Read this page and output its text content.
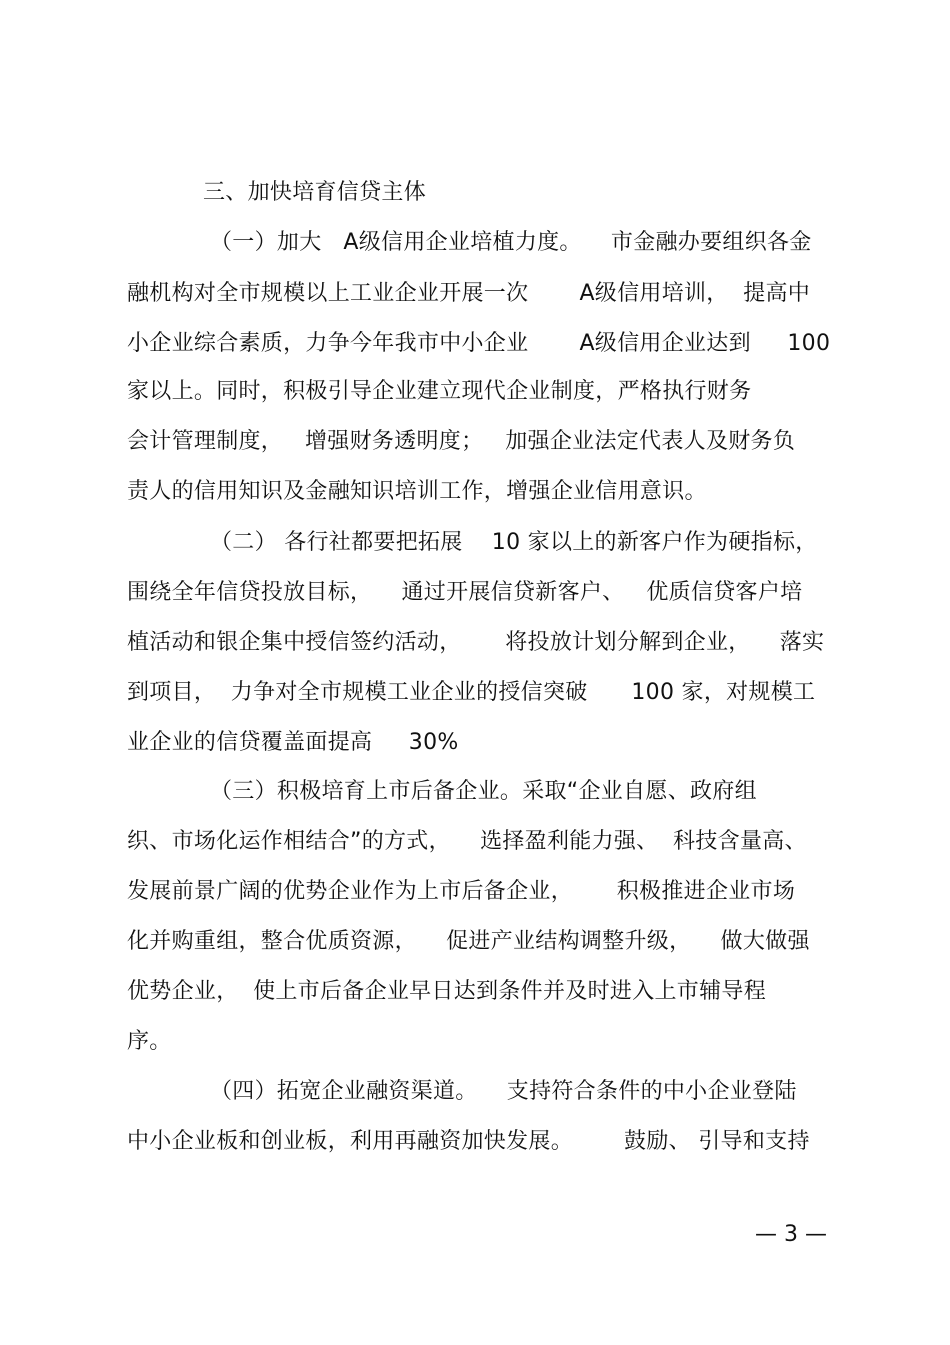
三、加快培育信贷主体
（一）加大   A级信用企业培植力度。    市金融办要组织各金
融机构对全市规模以上工业企业开展一次       A级信用培训，  提高中
小企业综合素质，力争今年我市中小企业       A级信用企业达到     100
家以上。同时，积极引导企业建立现代企业制度，严格执行财务
会计管理制度，   增强财务透明度；   加强企业法定代表人及财务负
责人的信用知识及金融知识培训工作，增强企业信用意识。
（二） 各行社都要把拓展    10 家以上的新客户作为硬指标，
围绕全年信贷投放目标，    通过开展信贷新客户、   优质信贷客户培
植活动和银企集中授信签约活动，      将投放计划分解到企业，    落实
到项目，  力争对全市规模工业企业的授信突破      100 家，对规模工
业企业的信贷覆盖面提高     30%
（三）积极培育上市后备企业。采取“企业自愿、政府组
织、市场化运作相结合”的方式，    选择盈利能力强、  科技含量高、
发展前景广阔的优势企业作为上市后备企业，      积极推进企业市场
化并购重组，整合优质资源，    促进产业结构调整升级，    做大做强
优势企业，  使上市后备企业早日达到条件并及时进入上市辅导程
序。
（四）拓宽企业融资渠道。    支持符合条件的中小企业登陆
中小企业板和创业板，利用再融资加快发展。       鼓励、 引导和支持
— 3 —
